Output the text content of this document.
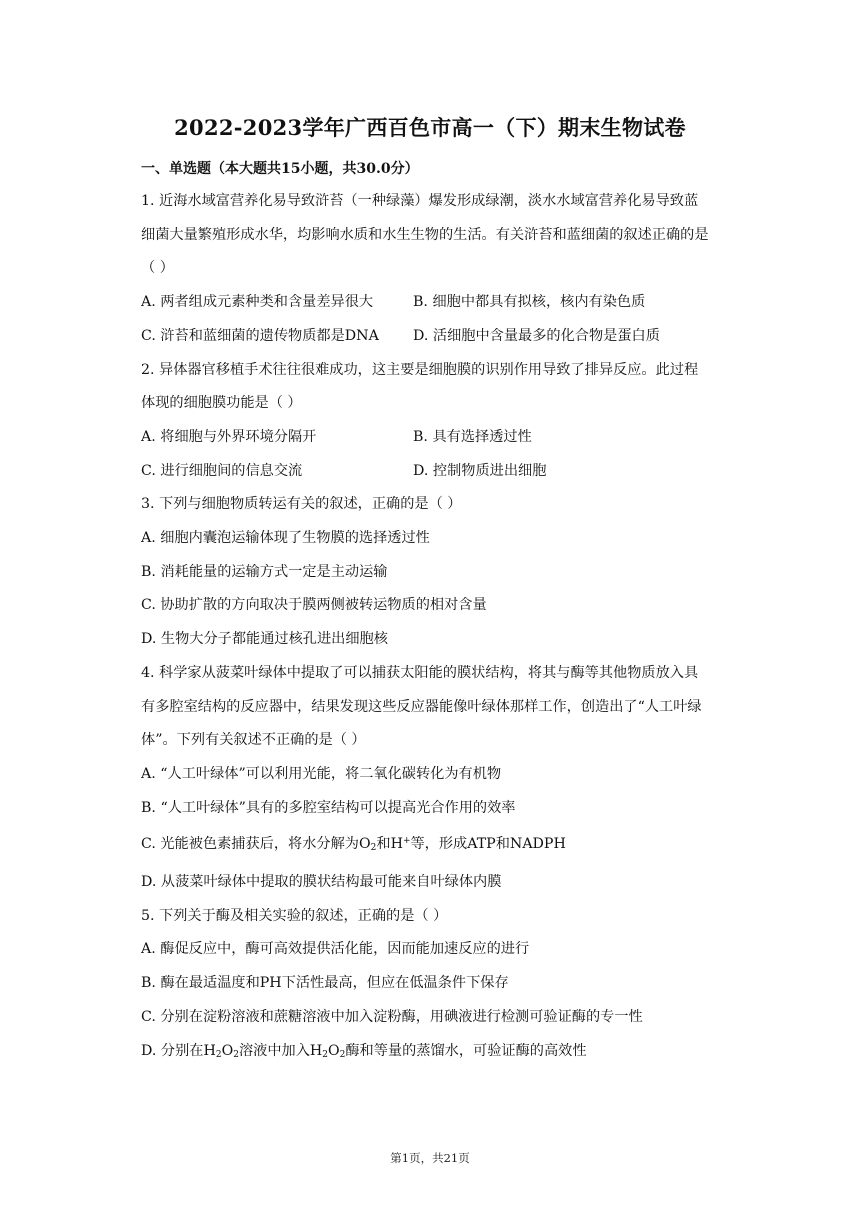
2022-2023学年广西百色市高一（下）期末生物试卷
一、单选题（本大题共15小题，共30.0分）
1. 近海水域富营养化易导致浒苔（一种绿藻）爆发形成绿潮，淡水水域富营养化易导致蓝
细菌大量繁殖形成水华，均影响水质和水生生物的生活。有关浒苔和蓝细菌的叙述正确的是
（ ）
A. 两者组成元素种类和含量差异很大	B. 细胞中都具有拟核，核内有染色质
C. 浒苔和蓝细菌的遗传物质都是DNA	D. 活细胞中含量最多的化合物是蛋白质
2. 异体器官移植手术往往很难成功，这主要是细胞膜的识别作用导致了排异反应。此过程
体现的细胞膜功能是（ ）
A. 将细胞与外界环境分隔开	B. 具有选择透过性
C. 进行细胞间的信息交流	D. 控制物质进出细胞
3. 下列与细胞物质转运有关的叙述，正确的是（ ）
A. 细胞内囊泡运输体现了生物膜的选择透过性
B. 消耗能量的运输方式一定是主动运输
C. 协助扩散的方向取决于膜两侧被转运物质的相对含量
D. 生物大分子都能通过核孔进出细胞核
4. 科学家从菠菜叶绿体中提取了可以捕获太阳能的膜状结构，将其与酶等其他物质放入具
有多腔室结构的反应器中，结果发现这些反应器能像叶绿体那样工作，创造出了“人工叶绿
体”。下列有关叙述不正确的是（ ）
A. “人工叶绿体”可以利用光能，将二氧化碳转化为有机物
B. “人工叶绿体”具有的多腔室结构可以提高光合作用的效率
C. 光能被色素捕获后，将水分解为$O_2$和H+等，形成ATP和NADPH
D. 从菠菜叶绿体中提取的膜状结构最可能来自叶绿体内膜
5. 下列关于酶及相关实验的叙述，正确的是（ ）
A. 酶促反应中，酶可高效提供活化能，因而能加速反应的进行
B. 酶在最适温度和PH下活性最高，但应在低温条件下保存
C. 分别在淀粉溶液和蔗糖溶液中加入淀粉酶，用碘液进行检测可验证酶的专一性
D. 分别在$H_2O_2$溶液中加入$H_2O_2$酶和等量的蒸馏水，可验证酶的高效性
第1页，共21页
